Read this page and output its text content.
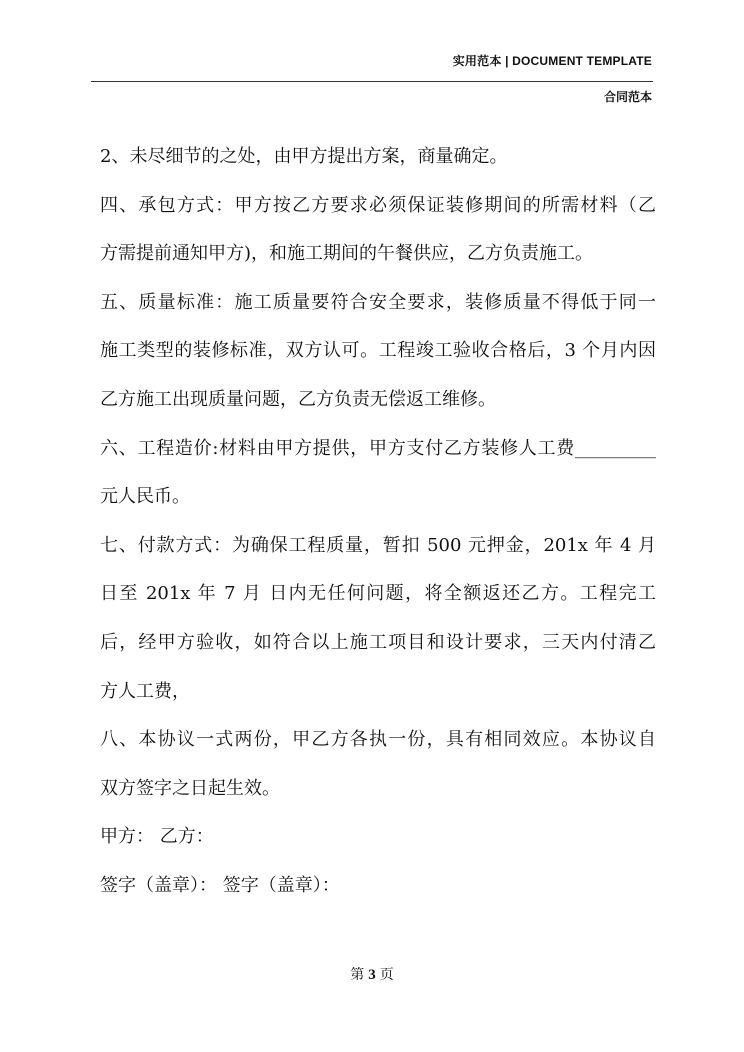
实用范本 | DOCUMENT TEMPLATE
合同范本
2、未尽细节的之处，由甲方提出方案，商量确定。
四、承包方式：甲方按乙方要求必须保证装修期间的所需材料（乙
方需提前通知甲方)，和施工期间的午餐供应，乙方负责施工。
五、质量标准：施工质量要符合安全要求，装修质量不得低于同一
施工类型的装修标准，双方认可。工程竣工验收合格后，3 个月内因
乙方施工出现质量问题，乙方负责无偿返工维修。
六、工程造价:材料由甲方提供，甲方支付乙方装修人工费_________
元人民币。
七、付款方式：为确保工程质量，暂扣 500 元押金，201x 年 4 月
日至 201x 年 7 月 日内无任何问题，将全额返还乙方。工程完工
后，经甲方验收，如符合以上施工项目和设计要求，三天内付清乙
方人工费，
八、本协议一式两份，甲乙方各执一份，具有相同效应。本协议自
双方签字之日起生效。
甲方： 乙方：
签字（盖章）： 签字（盖章）：
第 3 页
